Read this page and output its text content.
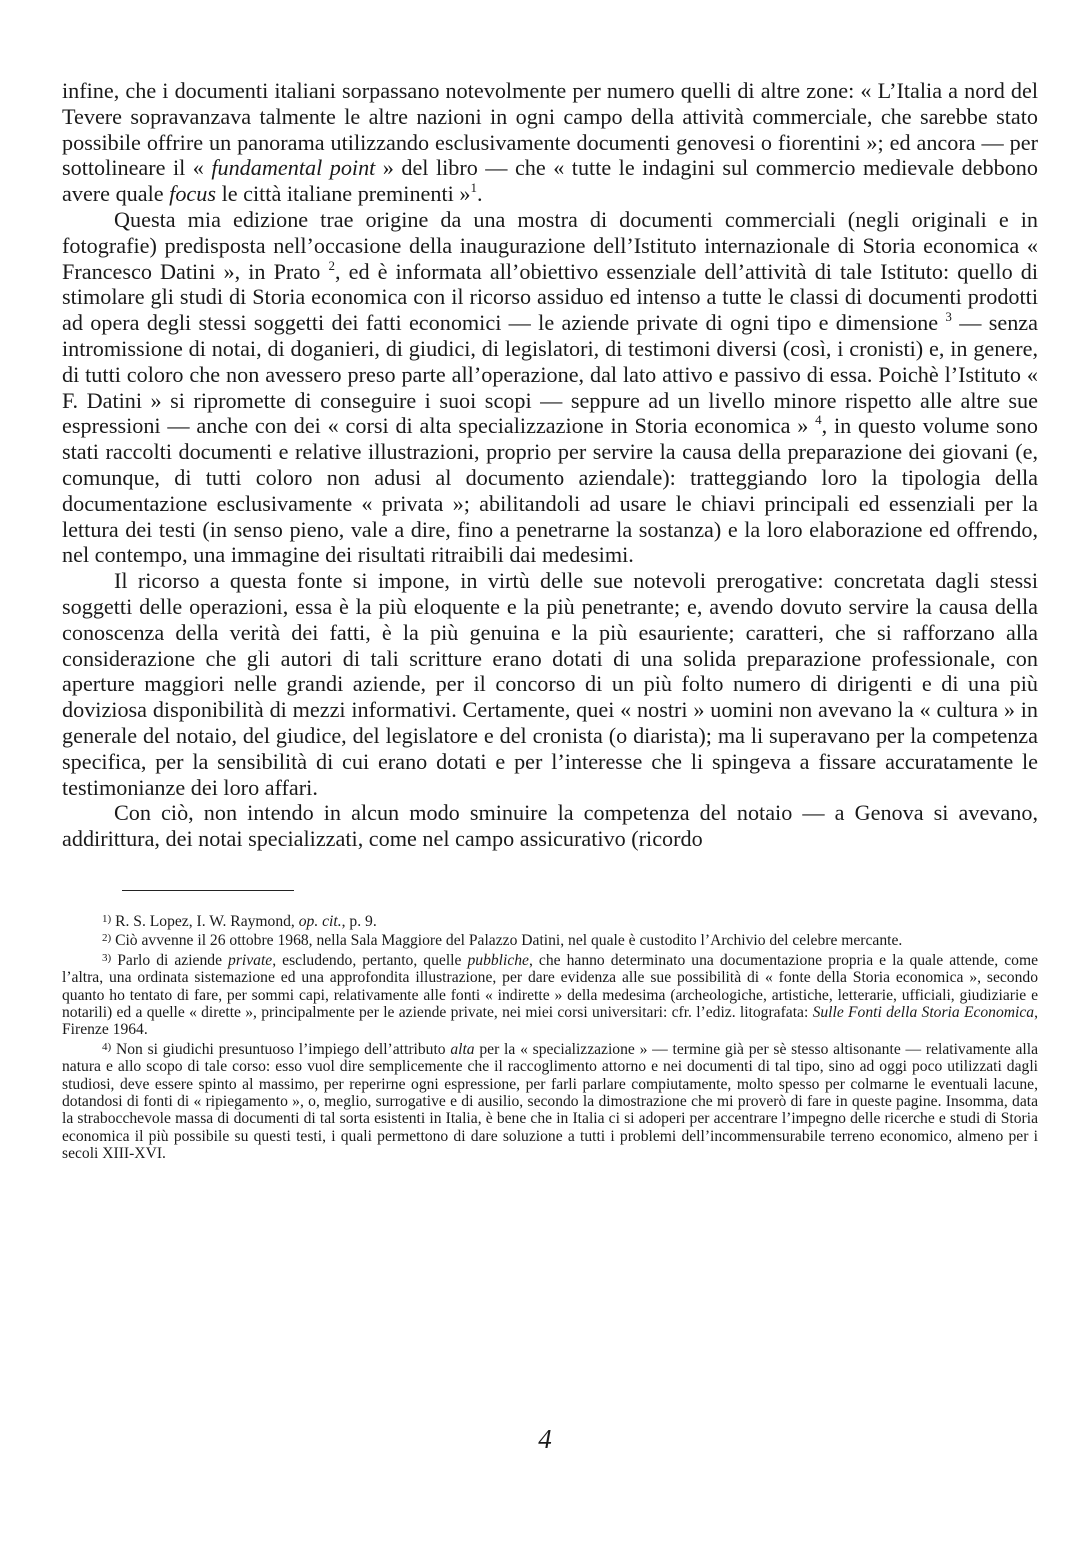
infine, che i documenti italiani sorpassano notevolmente per numero quelli di altre zone: « L’Italia a nord del Tevere sopravanzava talmente le altre nazioni in ogni campo della attività commerciale, che sarebbe stato possibile offrire un panorama utilizzando esclusivamente documenti genovesi o fiorentini »; ed ancora — per sottolineare il « fundamental point » del libro — che « tutte le indagini sul commercio medievale debbono avere quale focus le città italiane preminenti »$^1$.

Questa mia edizione trae origine da una mostra di documenti commerciali (negli originali e in fotografie) predisposta nell’occasione della inaugurazione dell’Istituto internazionale di Storia economica « Francesco Datini », in Prato $^2$, ed è informata all’obiettivo essenziale dell’attività di tale Istituto: quello di stimolare gli studi di Storia economica con il ricorso assiduo ed intenso a tutte le classi di documenti prodotti ad opera degli stessi soggetti dei fatti economici — le aziende private di ogni tipo e dimensione $^3$ — senza intromissione di notai, di doganieri, di giudici, di legislatori, di testimoni diversi (così, i cronisti) e, in genere, di tutti coloro che non avessero preso parte all’operazione, dal lato attivo e passivo di essa. Poichè l’Istituto « F. Datini » si ripromette di conseguire i suoi scopi — seppure ad un livello minore rispetto alle altre sue espressioni — anche con dei « corsi di alta specializzazione in Storia economica » $^4$, in questo volume sono stati raccolti documenti e relative illustrazioni, proprio per servire la causa della preparazione dei giovani (e, comunque, di tutti coloro non adusi al documento aziendale): tratteggiando loro la tipologia della documentazione esclusivamente « privata »; abilitandoli ad usare le chiavi principali ed essenziali per la lettura dei testi (in senso pieno, vale a dire, fino a penetrarne la sostanza) e la loro elaborazione ed offrendo, nel contempo, una immagine dei risultati ritraibili dai medesimi.

Il ricorso a questa fonte si impone, in virtù delle sue notevoli prerogative: concretata dagli stessi soggetti delle operazioni, essa è la più eloquente e la più penetrante; e, avendo dovuto servire la causa della conoscenza della verità dei fatti, è la più genuina e la più esauriente; caratteri, che si rafforzano alla considerazione che gli autori di tali scritture erano dotati di una solida preparazione professionale, con aperture maggiori nelle grandi aziende, per il concorso di un più folto numero di dirigenti e di una più doviziosa disponibilità di mezzi informativi. Certamente, quei « nostri » uomini non avevano la « cultura » in generale del notaio, del giudice, del legislatore e del cronista (o diarista); ma li superavano per la competenza specifica, per la sensibilità di cui erano dotati e per l’interesse che li spingeva a fissare accuratamente le testimonianze dei loro affari.

Con ciò, non intendo in alcun modo sminuire la competenza del notaio — a Genova si avevano, addirittura, dei notai specializzati, come nel campo assicurativo (ricordo

$^{1)}$ R. S. Lopez, I. W. Raymond, op. cit., p. 9.

$^{2)}$ Ciò avvenne il 26 ottobre 1968, nella Sala Maggiore del Palazzo Datini, nel quale è custodito l’Archivio del celebre mercante.

$^{3)}$ Parlo di aziende private, escludendo, pertanto, quelle pubbliche, che hanno determinato una documentazione propria e la quale attende, come l’altra, una ordinata sistemazione ed una approfondita illustrazione, per dare evidenza alle sue possibilità di « fonte della Storia economica », secondo quanto ho tentato di fare, per sommi capi, relativamente alle fonti « indirette » della medesima (archeologiche, artistiche, letterarie, ufficiali, giudiziarie e notarili) ed a quelle « dirette », principalmente per le aziende private, nei miei corsi universitari: cfr. l’ediz. litografata: Sulle Fonti della Storia Economica, Firenze 1964.

$^{4)}$ Non si giudichi presuntuoso l’impiego dell’attributo alta per la « specializzazione » — termine già per sè stesso altisonante — relativamente alla natura e allo scopo di tale corso: esso vuol dire semplicemente che il raccoglimento attorno e nei documenti di tal tipo, sino ad oggi poco utilizzati dagli studiosi, deve essere spinto al massimo, per reperirne ogni espressione, per farli parlare compiutamente, molto spesso per colmarne le eventuali lacune, dotandosi di fonti di « ripiegamento », o, meglio, surrogative e di ausilio, secondo la dimostrazione che mi proverò di fare in queste pagine. Insomma, data la strabocchevole massa di documenti di tal sorta esistenti in Italia, è bene che in Italia ci si adoperi per accentrare l’impegno delle ricerche e studi di Storia economica il più possibile su questi testi, i quali permettono di dare soluzione a tutti i problemi dell’incommensurabile terreno economico, almeno per i secoli XIII-XVI.

4
